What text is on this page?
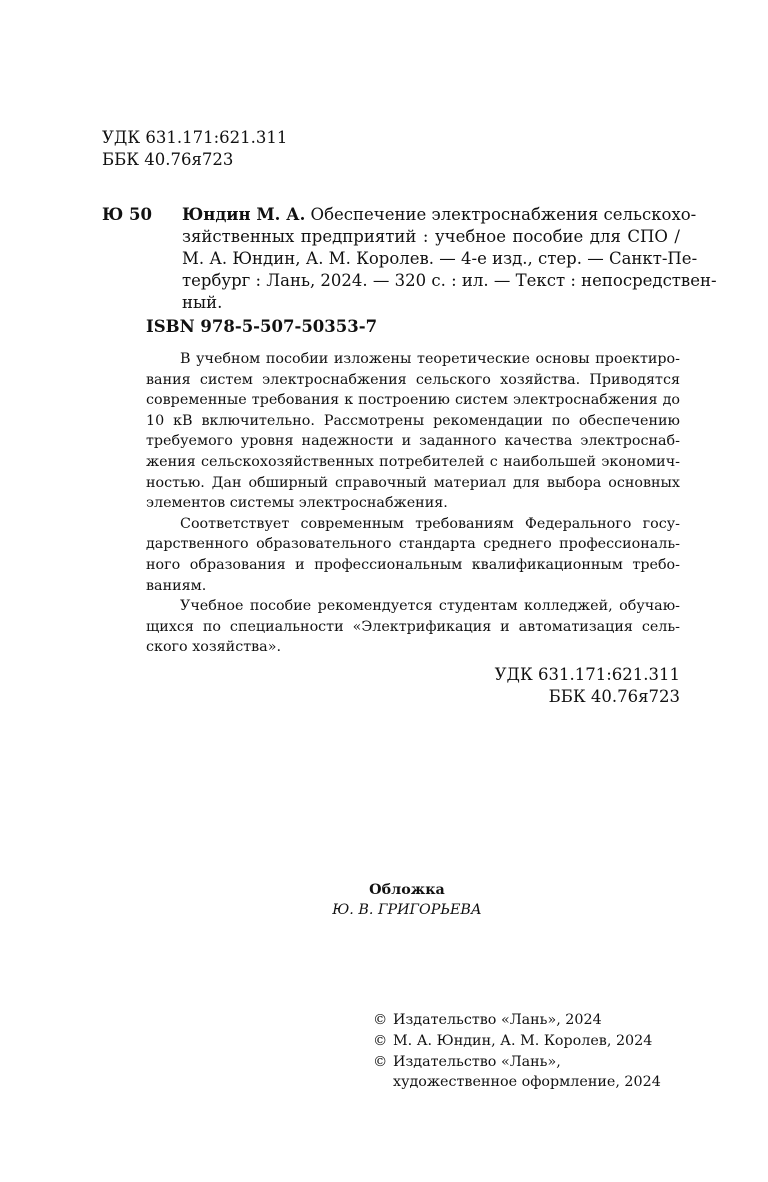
УДК 631.171:621.311
ББК 40.76я723
Ю 50 Юндин М. А. Обеспечение электроснабжения сельскохо-
зяйственных предприятий : учебное пособие для СПО /
М. А. Юндин, А. М. Королев. — 4-е изд., стер. — Санкт-Пе-
тербург : Лань, 2024. — 320 с. : ил. — Текст : непосредствен-
ный.
ISBN 978-5-507-50353-7
В учебном пособии изложены теоретические основы проектиро-
вания систем электроснабжения сельского хозяйства. Приводятся
современные требования к построению систем электроснабжения до
10 кВ включительно. Рассмотрены рекомендации по обеспечению
требуемого уровня надежности и заданного качества электроснаб-
жения сельскохозяйственных потребителей с наибольшей экономич-
ностью. Дан обширный справочный материал для выбора основных
элементов системы электроснабжения.
Соответствует современным требованиям Федерального госу-
дарственного образовательного стандарта среднего профессиональ-
ного образования и профессиональным квалификационным требо-
ваниям.
Учебное пособие рекомендуется студентам колледжей, обучаю-
щихся по специальности «Электрификация и автоматизация сель-
ского хозяйства».
УДК 631.171:621.311
ББК 40.76я723
Обложка
Ю. В. ГРИГОРЬЕВА
© Издательство «Лань», 2024
© М. А. Юндин, А. М. Королев, 2024
© Издательство «Лань»,
художественное оформление, 2024
